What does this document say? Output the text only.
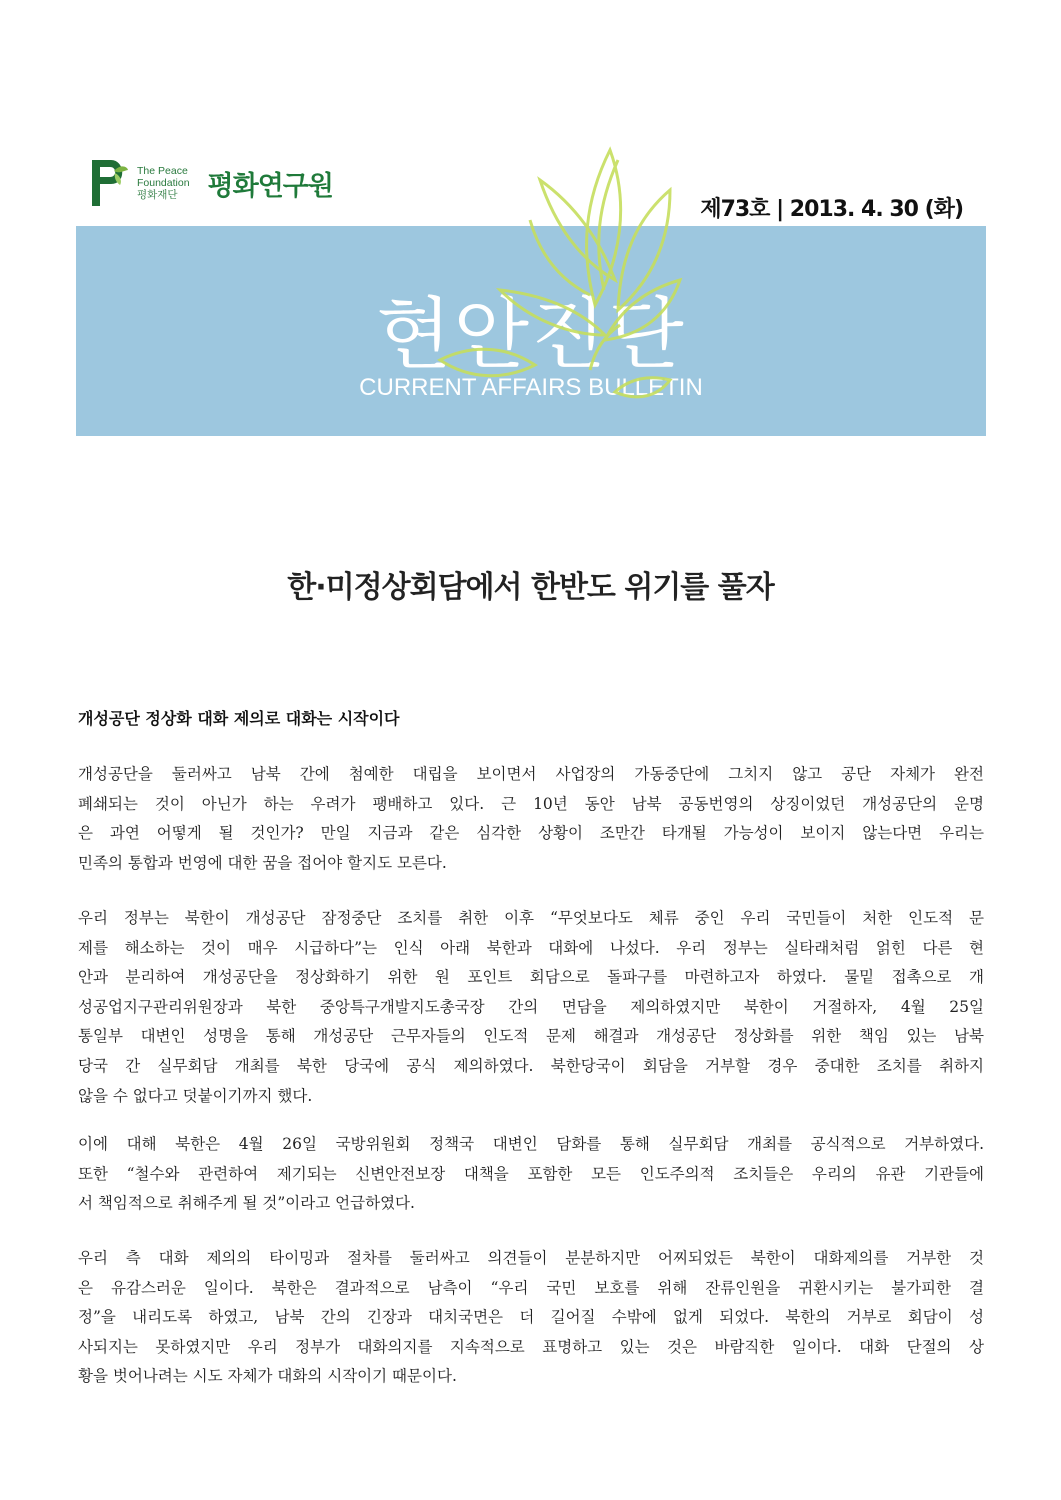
The Peace
Foundation
평화재단	평화연구원
제73호 | 2013. 4. 30 (화)
현안진단
CURRENT AFFAIRS BULLETIN
한·미정상회담에서 한반도 위기를 풀자
개성공단 정상화 대화 제의로 대화는 시작이다
개성공단을 둘러싸고 남북 간에 첨예한 대립을 보이면서 사업장의 가동중단에 그치지 않고 공단 자체가 완전
폐쇄되는 것이 아닌가 하는 우려가 팽배하고 있다. 근 10년 동안 남북 공동번영의 상징이었던 개성공단의 운명
은 과연 어떻게 될 것인가? 만일 지금과 같은 심각한 상황이 조만간 타개될 가능성이 보이지 않는다면 우리는
민족의 통합과 번영에 대한 꿈을 접어야 할지도 모른다.
우리 정부는 북한이 개성공단 잠정중단 조치를 취한 이후 “무엇보다도 체류 중인 우리 국민들이 처한 인도적 문
제를 해소하는 것이 매우 시급하다”는 인식 아래 북한과 대화에 나섰다. 우리 정부는 실타래처럼 얽힌 다른 현
안과 분리하여 개성공단을 정상화하기 위한 원 포인트 회담으로 돌파구를 마련하고자 하였다. 물밑 접촉으로 개
성공업지구관리위원장과 북한 중앙특구개발지도총국장 간의 면담을 제의하였지만 북한이 거절하자, 4월 25일
통일부 대변인 성명을 통해 개성공단 근무자들의 인도적 문제 해결과 개성공단 정상화를 위한 책임 있는 남북
당국 간 실무회담 개최를 북한 당국에 공식 제의하였다. 북한당국이 회담을 거부할 경우 중대한 조치를 취하지
않을 수 없다고 덧붙이기까지 했다.
이에 대해 북한은 4월 26일 국방위원회 정책국 대변인 담화를 통해 실무회담 개최를 공식적으로 거부하였다.
또한 “철수와 관련하여 제기되는 신변안전보장 대책을 포함한 모든 인도주의적 조치들은 우리의 유관 기관들에
서 책임적으로 취해주게 될 것”이라고 언급하였다.
우리 측 대화 제의의 타이밍과 절차를 둘러싸고 의견들이 분분하지만 어찌되었든 북한이 대화제의를 거부한 것
은 유감스러운 일이다. 북한은 결과적으로 남측이 “우리 국민 보호를 위해 잔류인원을 귀환시키는 불가피한 결
정”을 내리도록 하였고, 남북 간의 긴장과 대치국면은 더 길어질 수밖에 없게 되었다. 북한의 거부로 회담이 성
사되지는 못하였지만 우리 정부가 대화의지를 지속적으로 표명하고 있는 것은 바람직한 일이다. 대화 단절의 상
황을 벗어나려는 시도 자체가 대화의 시작이기 때문이다.
